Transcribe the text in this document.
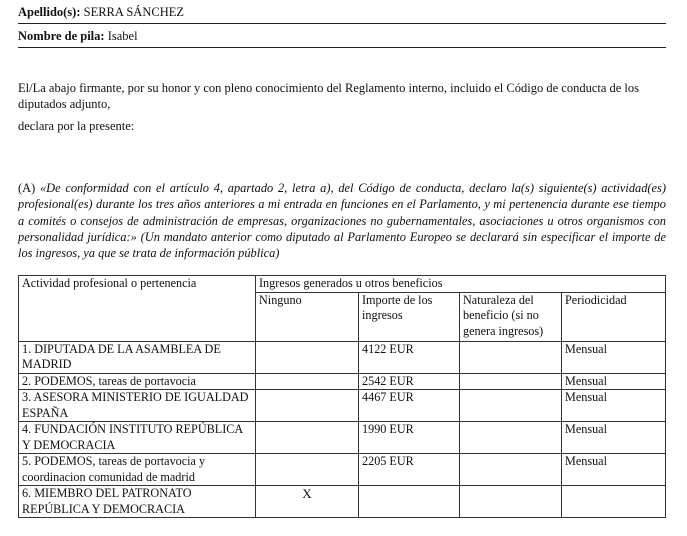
Apellido(s): SERRA SÁNCHEZ
Nombre de pila: Isabel
El/La abajo firmante, por su honor y con pleno conocimiento del Reglamento interno, incluido el Código de conducta de los diputados adjunto,
declara por la presente:
(A) «De conformidad con el artículo 4, apartado 2, letra a), del Código de conducta, declaro la(s) siguiente(s) actividad(es) profesional(es) durante los tres años anteriores a mi entrada en funciones en el Parlamento, y mi pertenencia durante ese tiempo a comités o consejos de administración de empresas, organizaciones no gubernamentales, asociaciones u otros organismos con personalidad jurídica:» (Un mandato anterior como diputado al Parlamento Europeo se declarará sin especificar el importe de los ingresos, ya que se trata de información pública)
Actividad profesional o pertenencia	Ingresos generados u otros beneficios			
	Ninguno	Importe de los ingresos	Naturaleza del beneficio (si no genera ingresos)	Periodicidad
1. DIPUTADA DE LA ASAMBLEA DE MADRID		4122 EUR		Mensual
2. PODEMOS, tareas de portavocia		2542 EUR		Mensual
3. ASESORA MINISTERIO DE IGUALDAD ESPAÑA		4467 EUR		Mensual
4. FUNDACIÓN INSTITUTO REPÚBLICA Y DEMOCRACIA		1990 EUR		Mensual
5. PODEMOS, tareas de portavocia y coordinacion comunidad de madrid		2205 EUR		Mensual
6. MIEMBRO DEL PATRONATO REPÚBLICA Y DEMOCRACIA	X			
